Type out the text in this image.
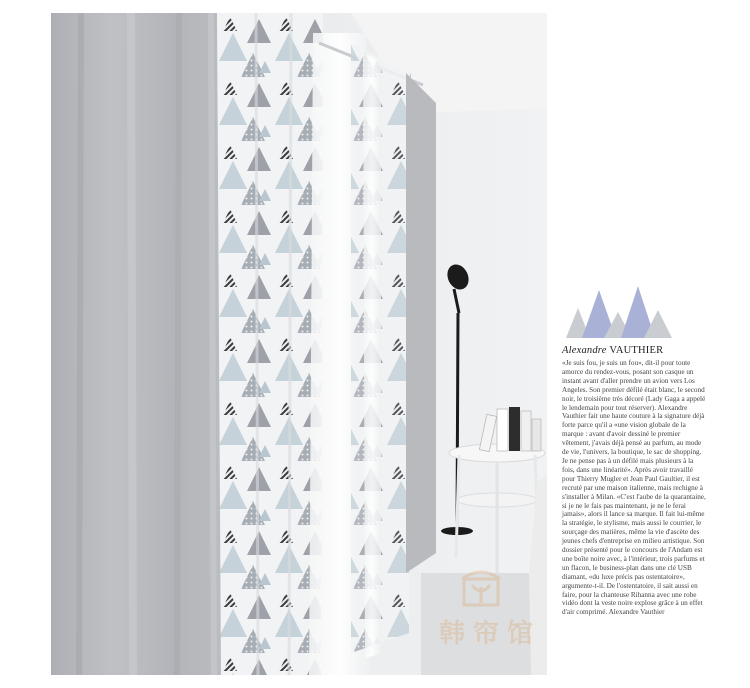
Alexandre VAUTHIER
«Je suis fou, je suis un fou», dit-il pour toute amorce du rendez-vous, posant son casque un instant avant d'aller prendre un avion vers Los Angeles. Son premier défilé était blanc, le second noir, le troisième très décoré (Lady Gaga a appelé le lendemain pour tout réserver). Alexandre Vauthier fait une haute couture à la signature déjà forte parce qu'il a «une vision globale de la marque : avant d'avoir dessiné le premier vêtement, j'avais déjà pensé au parfum, au mode de vie, l'univers, la boutique, le sac de shopping. Je ne pense pas à un défilé mais plusieurs à la fois, dans une linéarité». Après avoir travaillé pour Thierry Mugler et Jean Paul Gaultier, il est recruté par une maison italienne, mais rechigne à s'installer à Milan. «C'est l'aube de la quarantaine, si je ne le fais pas maintenant, je ne le ferai jamais», alors il lance sa marque. Il fait lui-même la stratégie, le stylisme, mais aussi le courrier, le sourçage des matières, même la vie d'ascète des jeunes chefs d'entreprise en milieu artistique. Son dossier présenté pour le concours de l'Andam est une boîte noire avec, à l'intérieur, trois parfums et un flacon, le business-plan dans une clé USB diamant, «du luxe précis pas ostentatoire», argumente-t-il. De l'ostentatoire, il sait aussi en faire, pour la chanteuse Rihanna avec une robe vidéo dont la veste noire explose grâce à un effet d'air comprimé. Alexandre Vauthier
韩帘馆
